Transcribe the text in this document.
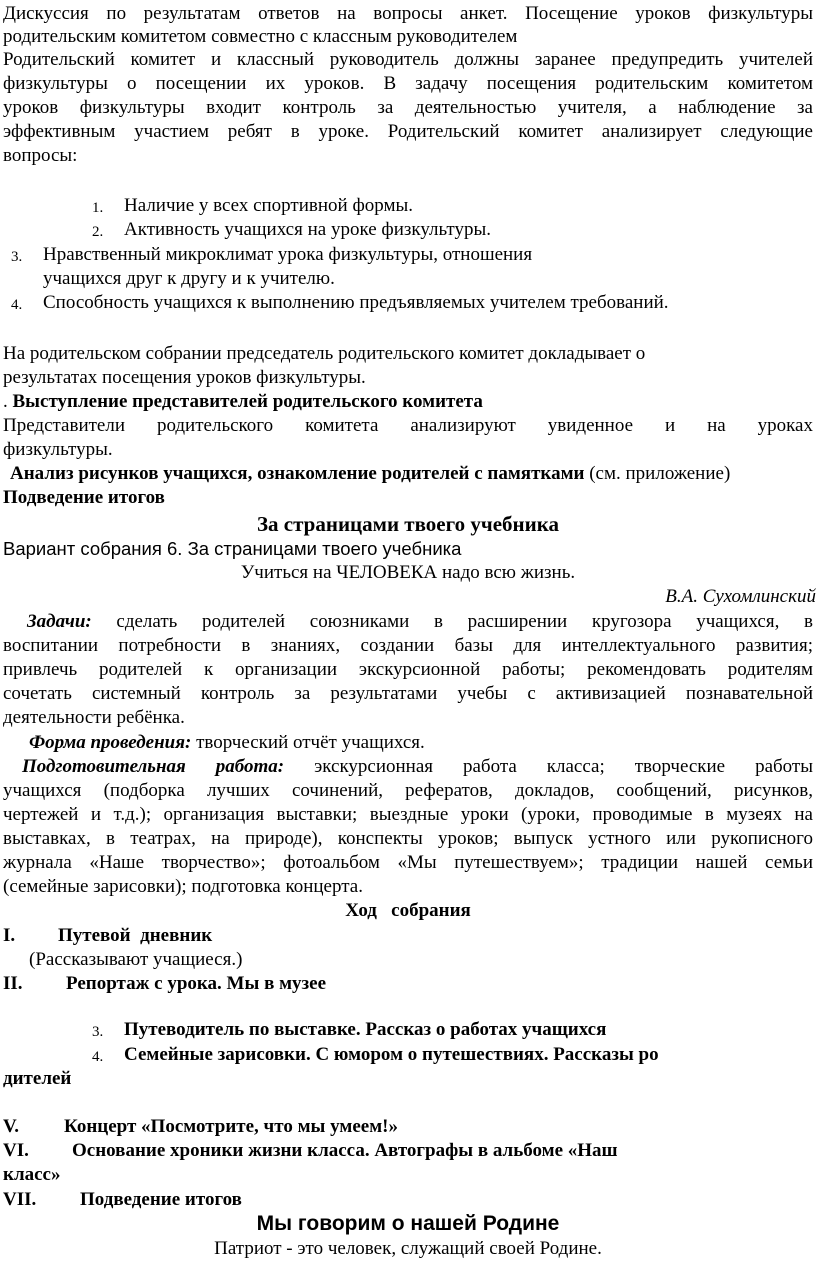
Дискуссия по результатам ответов на вопросы анкет. Посещение уроков физкультуры
родительским комитетом совместно с классным руководителем
Родительский комитет и классный руководитель должны заранее предупредить учителей
физкультуры о посещении их уроков. В задачу посещения родительским комитетом
уроков физкультуры входит контроль за деятельностью учителя, а наблюдение за
эффективным участием ребят в уроке. Родительский комитет анализирует следующие
вопросы:
1. Наличие у всех спортивной формы.
2. Активность учащихся на уроке физкультуры.
3. Нравственный микроклимат урока физкультуры, отношения
учащихся друг к другу и к учителю.
4. Способность учащихся к выполнению предъявляемых учителем требований.
На родительском собрании председатель родительского комитет докладывает о
результатах посещения уроков физкультуры.
. Выступление представителей родительского комитета
Представители родительского комитета анализируют увиденное и на уроках
физкультуры.
Анализ рисунков учащихся, ознакомление родителей с памятками (см. приложение)
Подведение итогов
За страницами твоего учебника
Вариант собрания 6. За страницами твоего учебника
Учиться на ЧЕЛОВЕКА надо всю жизнь.
В.А. Сухомлинский
Задачи: сделать родителей союзниками в расширении кругозора учащихся, в
воспитании потребности в знаниях, создании базы для интеллектуального развития;
привлечь родителей к организации экскурсионной работы; рекомендовать родителям
сочетать системный контроль за результатами учебы с активизацией познавательной
деятельности ребёнка.
Форма проведения: творческий отчёт учащихся.
Подготовительная работа: экскурсионная работа класса; творческие работы
учащихся (подборка лучших сочинений, рефератов, докладов, сообщений, рисунков,
чертежей и т.д.); организация выставки; выездные уроки (уроки, проводимые в музеях на
выставках, в театрах, на природе), конспекты уроков; выпуск устного или рукописного
журнала «Наше творчество»; фотоальбом «Мы путешествуем»; традиции нашей семьи
(семейные зарисовки); подготовка концерта.
Ход   собрания
I. Путевой  дневник
(Рассказывают учащиеся.)
II. Репортаж с урока. Мы в музее
3. Путеводитель по выставке. Рассказ о работах учащихся
4. Семейные зарисовки. С юмором о путешествиях. Рассказы ро
дителей
V. Концерт «Посмотрите, что мы умеем!»
VI. Основание хроники жизни класса. Автографы в альбоме «Наш
класс»
VII. Подведение итогов
Мы говорим о нашей Родине
Патриот - это человек, служащий своей Родине.
